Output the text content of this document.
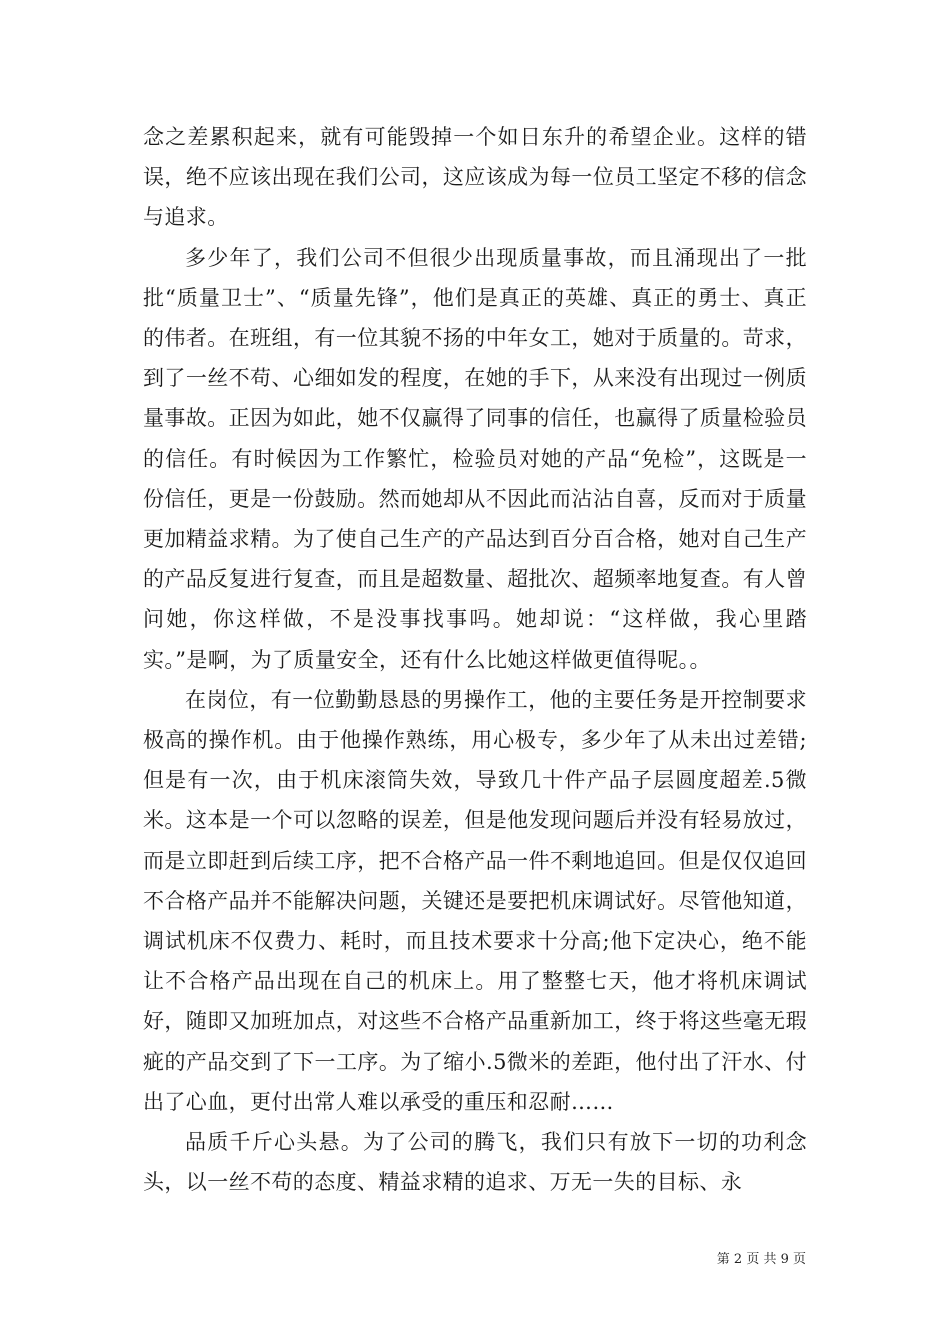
念之差累积起来，就有可能毁掉一个如日东升的希望企业。这样的错误，绝不应该出现在我们公司，这应该成为每一位员工坚定不移的信念与追求。

多少年了，我们公司不但很少出现质量事故，而且涌现出了一批批“质量卫士”、“质量先锋”，他们是真正的英雄、真正的勇士、真正的伟者。在班组，有一位其貌不扬的中年女工，她对于质量的。苛求，到了一丝不苟、心细如发的程度，在她的手下，从来没有出现过一例质量事故。正因为如此，她不仅赢得了同事的信任，也赢得了质量检验员的信任。有时候因为工作繁忙，检验员对她的产品“免检”，这既是一份信任，更是一份鼓励。然而她却从不因此而沾沾自喜，反而对于质量更加精益求精。为了使自己生产的产品达到百分百合格，她对自己生产的产品反复进行复查，而且是超数量、超批次、超频率地复查。有人曾问她，你这样做，不是没事找事吗。她却说：“这样做，我心里踏实。”是啊，为了质量安全，还有什么比她这样做更值得呢。。

在岗位，有一位勤勤恳恳的男操作工，他的主要任务是开控制要求极高的操作机。由于他操作熟练，用心极专，多少年了从未出过差错;但是有一次，由于机床滚筒失效，导致几十件产品子层圆度超差.5微米。这本是一个可以忽略的误差，但是他发现问题后并没有轻易放过，而是立即赶到后续工序，把不合格产品一件不剩地追回。但是仅仅追回不合格产品并不能解决问题，关键还是要把机床调试好。尽管他知道，调试机床不仅费力、耗时，而且技术要求十分高;他下定决心，绝不能让不合格产品出现在自己的机床上。用了整整七天，他才将机床调试好，随即又加班加点，对这些不合格产品重新加工，终于将这些毫无瑕疵的产品交到了下一工序。为了缩小.5微米的差距，他付出了汗水、付出了心血，更付出常人难以承受的重压和忍耐……

品质千斤心头悬。为了公司的腾飞，我们只有放下一切的功利念头，以一丝不苟的态度、精益求精的追求、万无一失的目标、永

第 2 页 共 9 页
